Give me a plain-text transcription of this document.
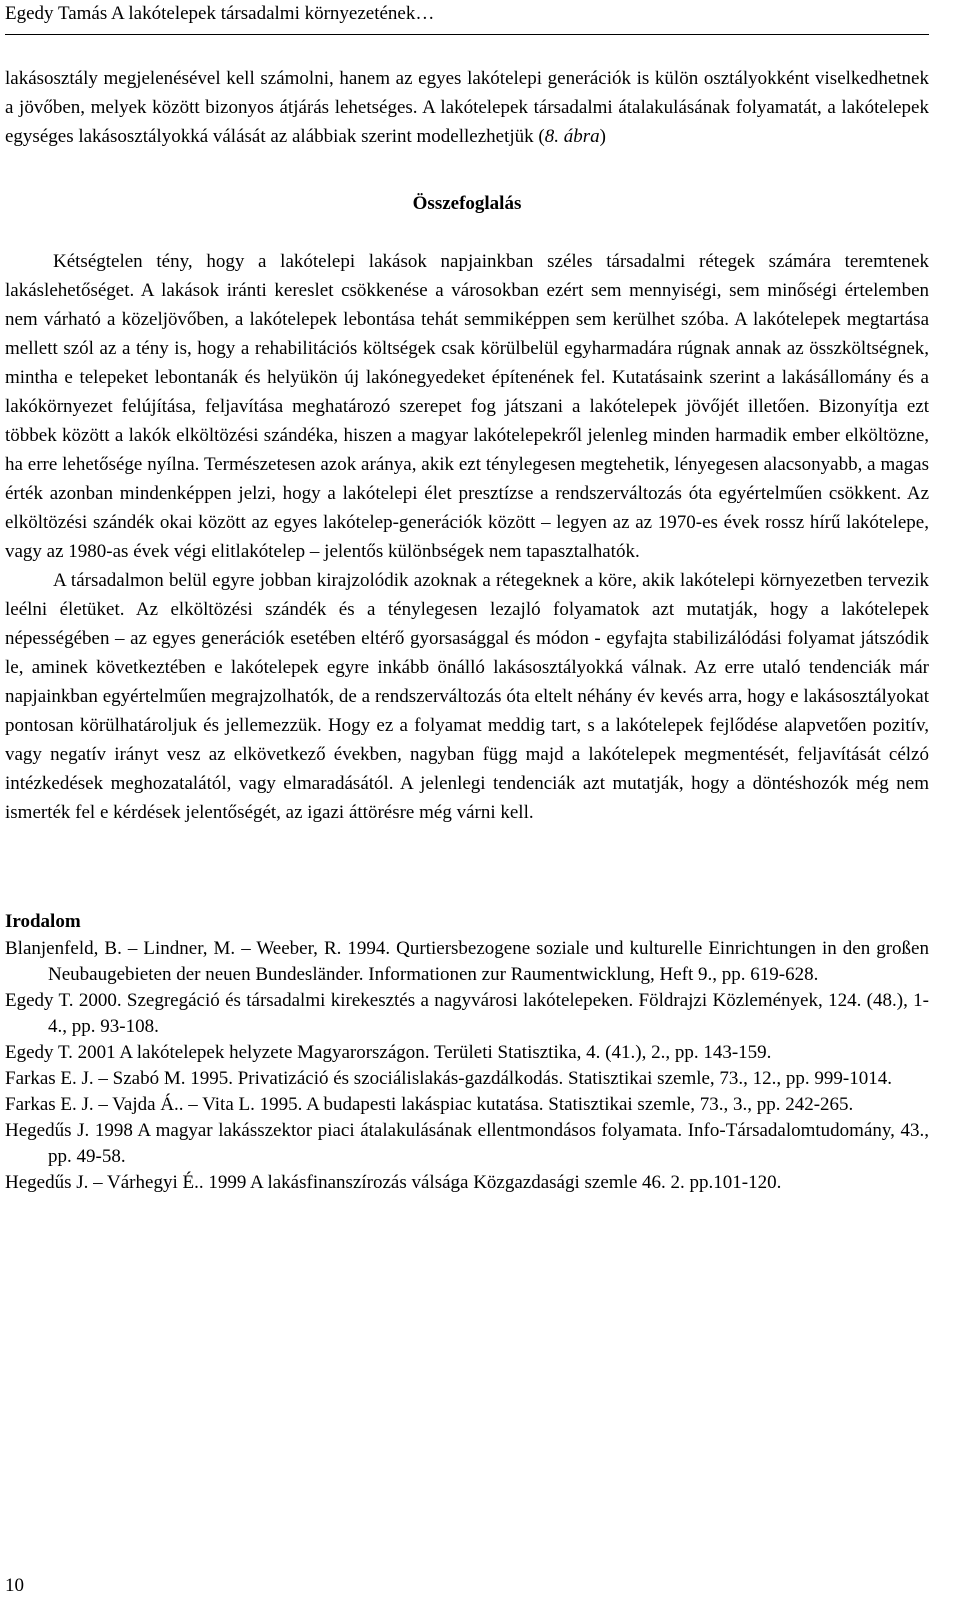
Egedy Tamás A lakótelepek társadalmi környezetének…

lakásosztály megjelenésével kell számolni, hanem az egyes lakótelepi generációk is külön osztályokként viselkedhetnek a jövőben, melyek között bizonyos átjárás lehetséges. A lakótelepek társadalmi átalakulásának folyamatát, a lakótelepek egységes lakásosztályokká válását az alábbiak szerint modellezhetjük (8. ábra)

Összefoglalás

Kétségtelen tény, hogy a lakótelepi lakások napjainkban széles társadalmi rétegek számára teremtenek lakáslehetőséget. A lakások iránti kereslet csökkenése a városokban ezért sem mennyiségi, sem minőségi értelemben nem várható a közeljövőben, a lakótelepek lebontása tehát semmiképpen sem kerülhet szóba. A lakótelepek megtartása mellett szól az a tény is, hogy a rehabilitációs költségek csak körülbelül egyharmadára rúgnak annak az összköltségnek, mintha e telepeket lebontanák és helyükön új lakónegyedeket építenének fel. Kutatásaink szerint a lakásállomány és a lakókörnyezet felújítása, feljavítása meghatározó szerepet fog játszani a lakótelepek jövőjét illetően. Bizonyítja ezt többek között a lakók elköltözési szándéka, hiszen a magyar lakótelepekről jelenleg minden harmadik ember elköltözne, ha erre lehetősége nyílna. Természetesen azok aránya, akik ezt ténylegesen megtehetik, lényegesen alacsonyabb, a magas érték azonban mindenképpen jelzi, hogy a lakótelepi élet presztízse a rendszerváltozás óta egyértelműen csökkent. Az elköltözési szándék okai között az egyes lakótelep-generációk között – legyen az az 1970-es évek rossz hírű lakótelepe, vagy az 1980-as évek végi elitlakótelep – jelentős különbségek nem tapasztalhatók.

A társadalmon belül egyre jobban kirajzolódik azoknak a rétegeknek a köre, akik lakótelepi környezetben tervezik leélni életüket. Az elköltözési szándék és a ténylegesen lezajló folyamatok azt mutatják, hogy a lakótelepek népességében – az egyes generációk esetében eltérő gyorsasággal és módon - egyfajta stabilizálódási folyamat játszódik le, aminek következtében e lakótelepek egyre inkább önálló lakásosztályokká válnak. Az erre utaló tendenciák már napjainkban egyértelműen megrajzolhatók, de a rendszerváltozás óta eltelt néhány év kevés arra, hogy e lakásosztályokat pontosan körülhatároljuk és jellemezzük. Hogy ez a folyamat meddig tart, s a lakótelepek fejlődése alapvetően pozitív, vagy negatív irányt vesz az elkövetkező években, nagyban függ majd a lakótelepek megmentését, feljavítását célzó intézkedések meghozatalától, vagy elmaradásától. A jelenlegi tendenciák azt mutatják, hogy a döntéshozók még nem ismerték fel e kérdések jelentőségét, az igazi áttörésre még várni kell.

Irodalom

Blanjenfeld, B. – Lindner, M. – Weeber, R. 1994. Qurtiersbezogene soziale und kulturelle Einrichtungen in den großen Neubaugebieten der neuen Bundesländer. Informationen zur Raumentwicklung, Heft 9., pp. 619-628.

Egedy T. 2000. Szegregáció és társadalmi kirekesztés a nagyvárosi lakótelepeken. Földrajzi Közlemények, 124. (48.), 1-4., pp. 93-108.

Egedy T. 2001 A lakótelepek helyzete Magyarországon. Területi Statisztika, 4. (41.), 2., pp. 143-159.

Farkas E. J. – Szabó M. 1995. Privatizáció és szociálislakás-gazdálkodás. Statisztikai szemle, 73., 12., pp. 999-1014.

Farkas E. J. – Vajda Á.. – Vita L. 1995. A budapesti lakáspiac kutatása. Statisztikai szemle, 73., 3., pp. 242-265.

Hegedűs J. 1998 A magyar lakásszektor piaci átalakulásának ellentmondásos folyamata. Info-Társadalomtudomány, 43., pp. 49-58.

Hegedűs J. – Várhegyi É.. 1999 A lakásfinanszírozás válsága Közgazdasági szemle 46. 2. pp.101-120.

10
